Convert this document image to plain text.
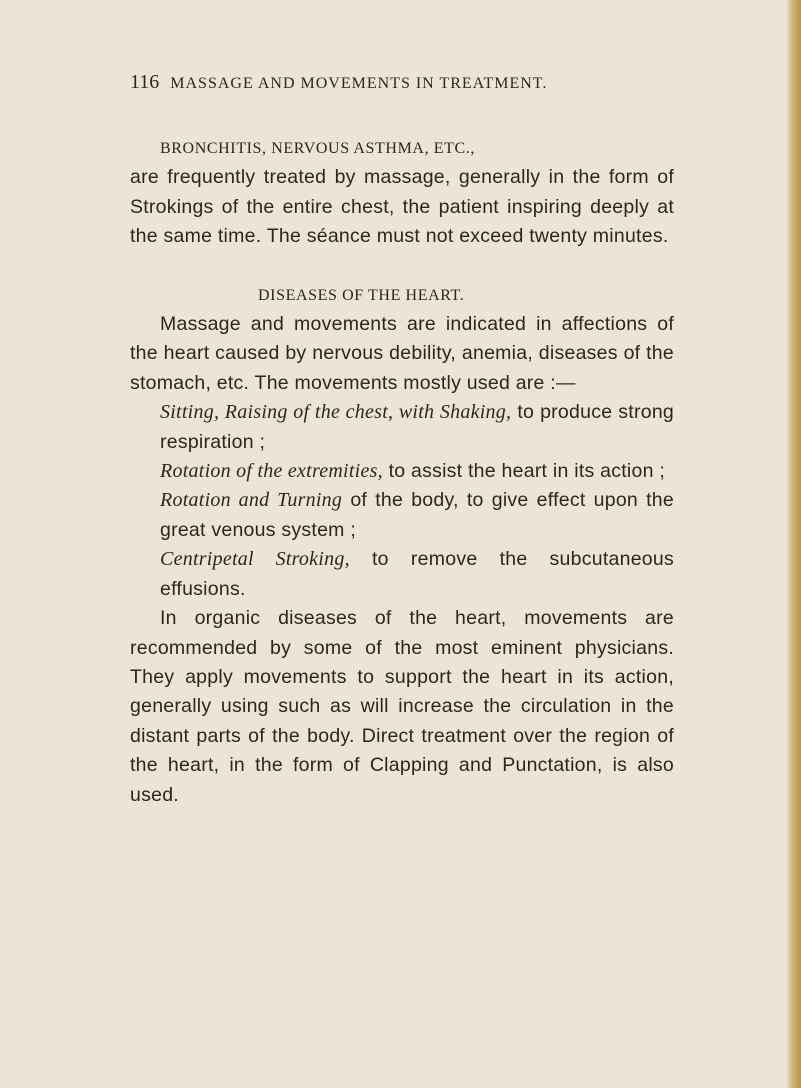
116 MASSAGE AND MOVEMENTS IN TREATMENT.

BRONCHITIS, NERVOUS ASTHMA, ETC.,

are frequently treated by massage, generally in the form of Strokings of the entire chest, the patient inspiring deeply at the same time. The séance must not exceed twenty minutes.

DISEASES OF THE HEART.

Massage and movements are indicated in affections of the heart caused by nervous debility, anemia, diseases of the stomach, etc. The movements mostly used are :—

Sitting, Raising of the chest, with Shaking, to produce strong respiration ;

Rotation of the extremities, to assist the heart in its action ;

Rotation and Turning of the body, to give effect upon the great venous system ;

Centripetal Stroking, to remove the subcutaneous effusions.

In organic diseases of the heart, movements are recommended by some of the most eminent physicians. They apply movements to support the heart in its action, generally using such as will increase the circulation in the distant parts of the body. Direct treatment over the region of the heart, in the form of Clapping and Punctation, is also used.
